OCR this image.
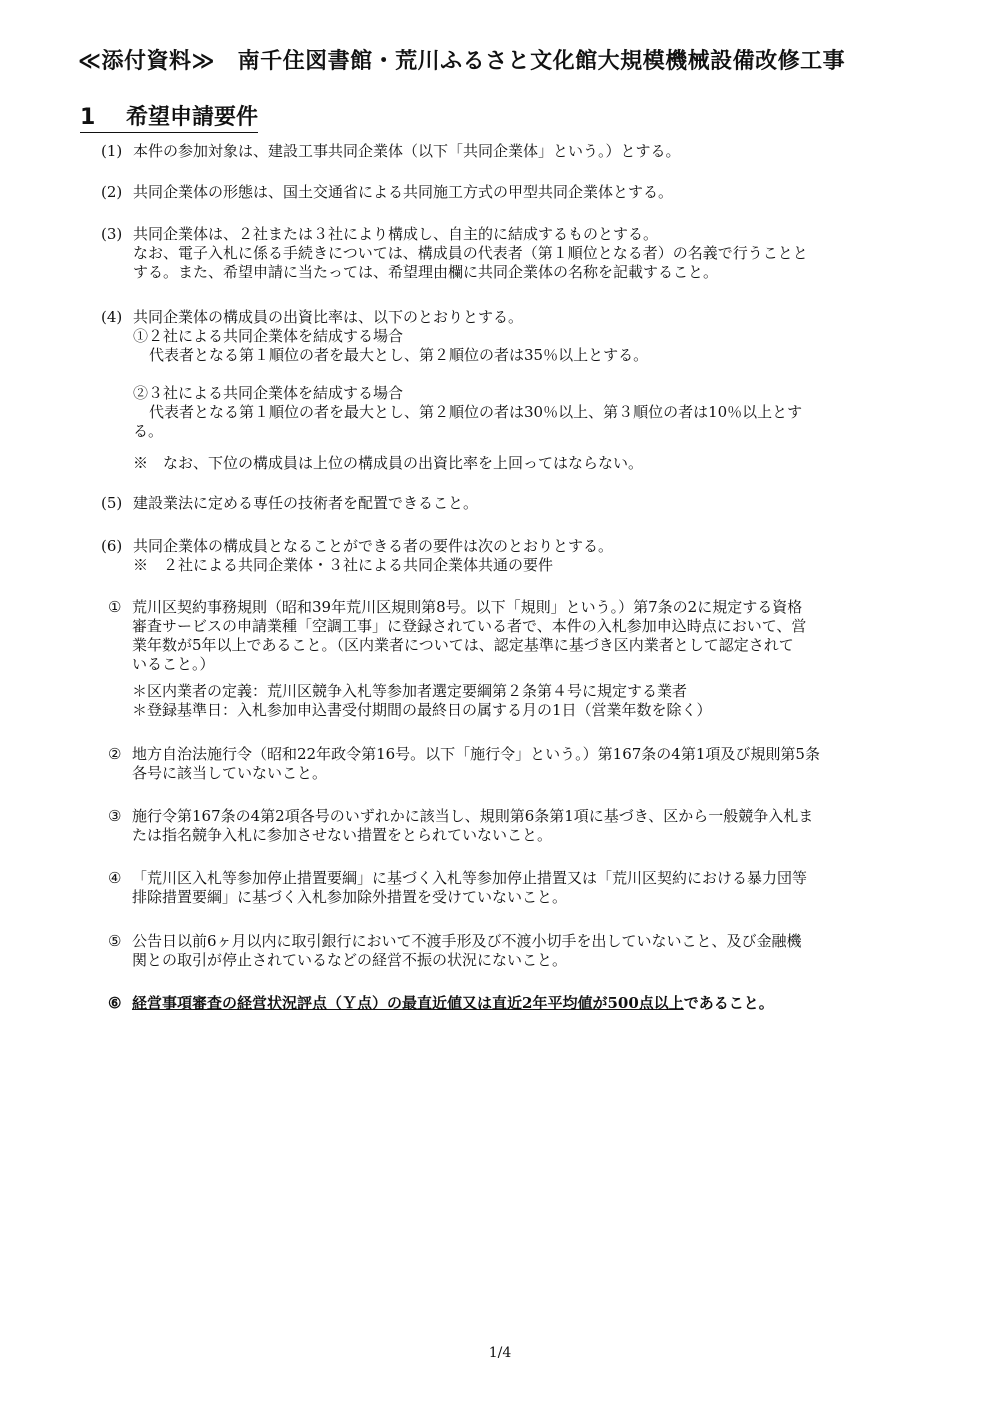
≪添付資料≫　南千住図書館・荒川ふるさと文化館大規模機械設備改修工事
1 希望申請要件
(1) 本件の参加対象は、建設工事共同企業体（以下「共同企業体」という。）とする。
(2) 共同企業体の形態は、国土交通省による共同施工方式の甲型共同企業体とする。
(3) 共同企業体は、２社または３社により構成し、自主的に結成するものとする。
なお、電子入札に係る手続きについては、構成員の代表者（第１順位となる者）の名義で行うことと
する。また、希望申請に当たっては、希望理由欄に共同企業体の名称を記載すること。
(4) 共同企業体の構成員の出資比率は、以下のとおりとする。
①２社による共同企業体を結成する場合
代表者となる第１順位の者を最大とし、第２順位の者は35％以上とする。
②３社による共同企業体を結成する場合
代表者となる第１順位の者を最大とし、第２順位の者は30％以上、第３順位の者は10％以上とす
る。
※　なお、下位の構成員は上位の構成員の出資比率を上回ってはならない。
(5) 建設業法に定める専任の技術者を配置できること。
(6) 共同企業体の構成員となることができる者の要件は次のとおりとする。
※　２社による共同企業体・３社による共同企業体共通の要件
① 荒川区契約事務規則（昭和39年荒川区規則第8号。以下「規則」という。）第7条の2に規定する資格
審査サービスの申請業種「空調工事」に登録されている者で、本件の入札参加申込時点において、営
業年数が5年以上であること。（区内業者については、認定基準に基づき区内業者として認定されて
いること。）
＊区内業者の定義：荒川区競争入札等参加者選定要綱第２条第４号に規定する業者
＊登録基準日：入札参加申込書受付期間の最終日の属する月の1日（営業年数を除く）
② 地方自治法施行令（昭和22年政令第16号。以下「施行令」という。）第167条の4第1項及び規則第5条
各号に該当していないこと。
③ 施行令第167条の4第2項各号のいずれかに該当し、規則第6条第1項に基づき、区から一般競争入札ま
たは指名競争入札に参加させない措置をとられていないこと。
④ 「荒川区入札等参加停止措置要綱」に基づく入札等参加停止措置又は「荒川区契約における暴力団等
排除措置要綱」に基づく入札参加除外措置を受けていないこと。
⑤ 公告日以前6ヶ月以内に取引銀行において不渡手形及び不渡小切手を出していないこと、及び金融機
関との取引が停止されているなどの経営不振の状況にないこと。
⑥ 経営事項審査の経営状況評点（Ｙ点）の最直近値又は直近2年平均値が500点以上であること。
1/4
